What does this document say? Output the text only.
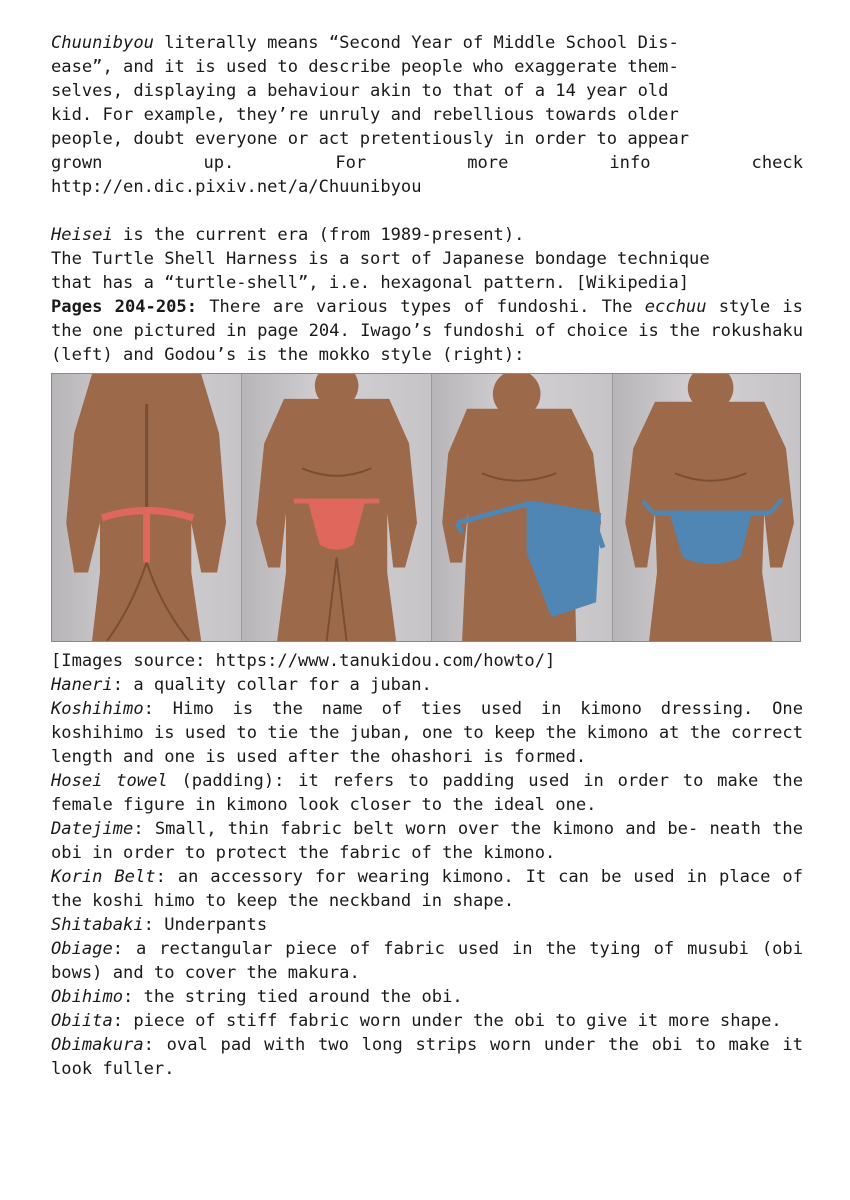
Chuunibyou literally means “Second Year of Middle School Dis-
ease”, and it is used to describe people who exaggerate them-
selves, displaying a behaviour akin to that of a 14 year old
kid. For example, they’re unruly and rebellious towards older
people, doubt everyone or act pretentiously in order to appear

grown up. For more info check

http://en.dic.pixiv.net/a/Chuunibyou

Heisei is the current era (from 1989-present).

The Turtle Shell Harness is a sort of Japanese bondage technique
that has a “turtle-shell”, i.e. hexagonal pattern. [Wikipedia]

Pages 204-205: There are various types of fundoshi. The ecchuu style is the one pictured in page 204. Iwago’s fundoshi of choice is the rokushaku (left) and Godou’s is the mokko style (right):

[Images source: https://www.tanukidou.com/howto/]

Haneri: a quality collar for a juban.

Koshihimo: Himo is the name of ties used in kimono dressing. One koshihimo is used to tie the juban, one to keep the kimono at the correct length and one is used after the ohashori is formed.

Hosei towel (padding): it refers to padding used in order to make the female figure in kimono look closer to the ideal one.

Datejime: Small, thin fabric belt worn over the kimono and be- neath the obi in order to protect the fabric of the kimono.

Korin Belt: an accessory for wearing kimono. It can be used in place of the koshi himo to keep the neckband in shape.

Shitabaki: Underpants

Obiage: a rectangular piece of fabric used in the tying of musubi (obi bows) and to cover the makura.

Obihimo: the string tied around the obi.

Obiita: piece of stiff fabric worn under the obi to give it more shape.

Obimakura: oval pad with two long strips worn under the obi to make it look fuller.
